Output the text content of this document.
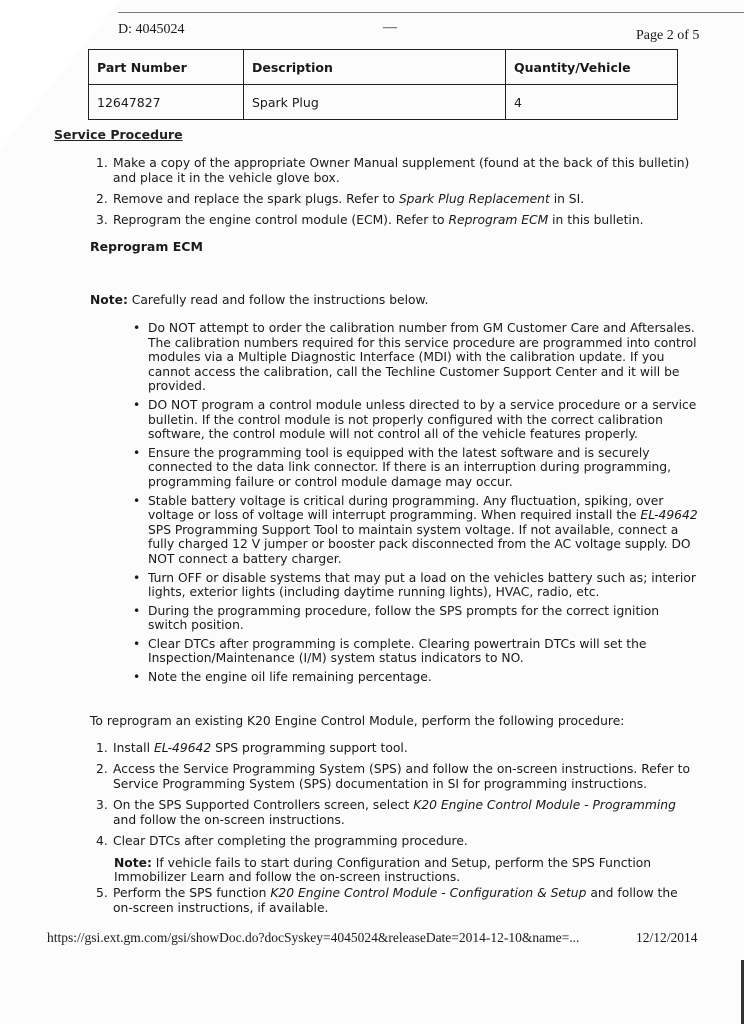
D: 4045024	—
Page 2 of 5
Part Number	Description	Quantity/Vehicle
12647827	Spark Plug	4
Service Procedure
1. Make a copy of the appropriate Owner Manual supplement (found at the back of this bulletin) and place it in the vehicle glove box.
2. Remove and replace the spark plugs. Refer to Spark Plug Replacement in SI.
3. Reprogram the engine control module (ECM). Refer to Reprogram ECM in this bulletin.
Reprogram ECM
Note: Carefully read and follow the instructions below.
• Do NOT attempt to order the calibration number from GM Customer Care and Aftersales. The calibration numbers required for this service procedure are programmed into control modules via a Multiple Diagnostic Interface (MDI) with the calibration update. If you cannot access the calibration, call the Techline Customer Support Center and it will be provided.
• DO NOT program a control module unless directed to by a service procedure or a service bulletin. If the control module is not properly configured with the correct calibration software, the control module will not control all of the vehicle features properly.
• Ensure the programming tool is equipped with the latest software and is securely connected to the data link connector. If there is an interruption during programming, programming failure or control module damage may occur.
• Stable battery voltage is critical during programming. Any fluctuation, spiking, over voltage or loss of voltage will interrupt programming. When required install the EL-49642 SPS Programming Support Tool to maintain system voltage. If not available, connect a fully charged 12 V jumper or booster pack disconnected from the AC voltage supply. DO NOT connect a battery charger.
• Turn OFF or disable systems that may put a load on the vehicles battery such as; interior lights, exterior lights (including daytime running lights), HVAC, radio, etc.
• During the programming procedure, follow the SPS prompts for the correct ignition switch position.
• Clear DTCs after programming is complete. Clearing powertrain DTCs will set the Inspection/Maintenance (I/M) system status indicators to NO.
• Note the engine oil life remaining percentage.
To reprogram an existing K20 Engine Control Module, perform the following procedure:
1. Install EL-49642 SPS programming support tool.
2. Access the Service Programming System (SPS) and follow the on-screen instructions. Refer to Service Programming System (SPS) documentation in SI for programming instructions.
3. On the SPS Supported Controllers screen, select K20 Engine Control Module - Programming and follow the on-screen instructions.
4. Clear DTCs after completing the programming procedure.
Note: If vehicle fails to start during Configuration and Setup, perform the SPS Function Immobilizer Learn and follow the on-screen instructions.
5. Perform the SPS function K20 Engine Control Module - Configuration & Setup and follow the on-screen instructions, if available.
https://gsi.ext.gm.com/gsi/showDoc.do?docSyskey=4045024&releaseDate=2014-12-10&name=...	12/12/2014
